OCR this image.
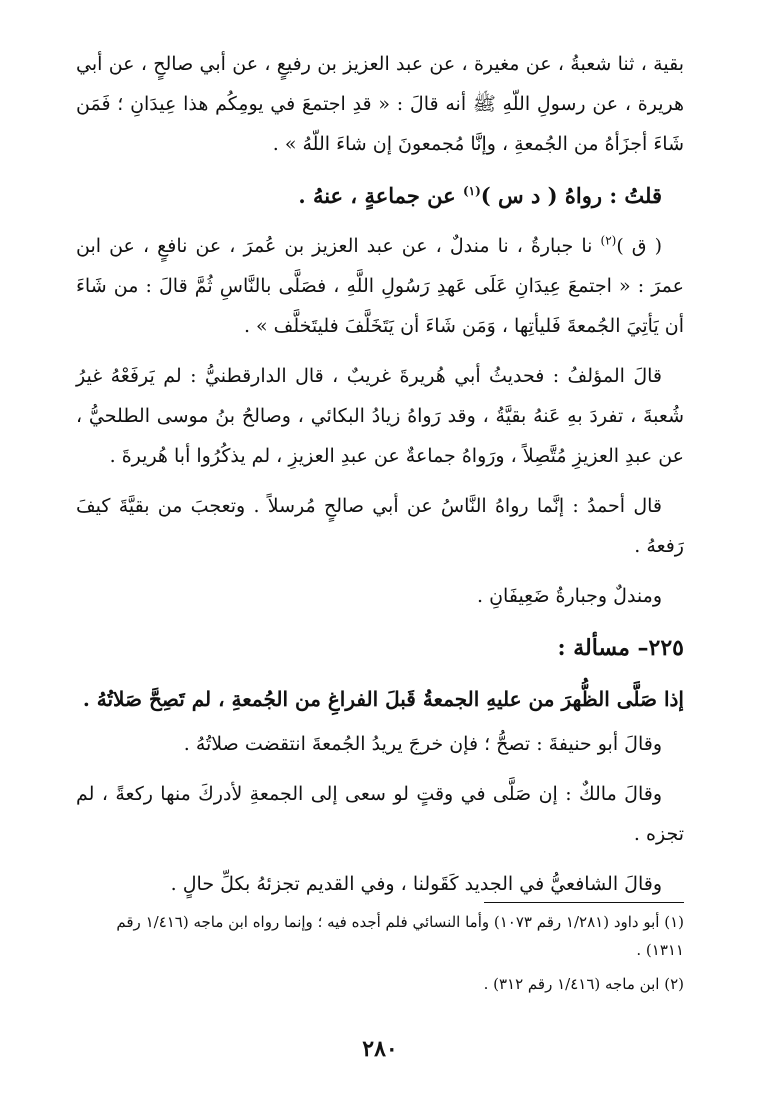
بقية ، ثنا شعبةُ ، عن مغيرة ، عن عبد العزيز بن رفيعٍ ، عن أبي صالحٍ ، عن أبي هريرة ، عن رسولِ اللّهِ ﷺ أنه قالَ : « قدِ اجتمعَ في يومِكُم هذا عِيدَانِ ؛ فَمَن شَاءَ أجزَأهُ من الجُمعةِ ، وإنَّا مُجمعونَ إن شاءَ اللّهُ » .

قلتُ : رواهُ ( د س )$^{(١)}$ عن جماعةٍ ، عنهُ .

( ق )$^{(٢)}$ نا جبارةُ ، نا مندلٌ ، عن عبد العزيز بن عُمرَ ، عن نافعٍ ، عن ابن عمرَ : « اجتمعَ عِيدَانِ عَلَى عَهدِ رَسُولِ اللَّهِ ، فصَلَّى بالنَّاسِ ثُمَّ قالَ : من شَاءَ أن يَأتِيَ الجُمعةَ فَليأتِها ، وَمَن شَاءَ أن يَتَخَلَّفَ فليتَخلَّف » .

قالَ المؤلفُ : فحديثُ أبي هُريرةَ غريبٌ ، قال الدارقطنيُّ : لم يَرفَعْهُ غيرُ شُعبةَ ، تفردَ بهِ عَنهُ بقيَّةُ ، وقد رَواهُ زيادُ البكائي ، وصالحُ بنُ موسى الطلحيُّ ، عن عبدِ العزيزِ مُتَّصِلاً ، ورَواهُ جماعةٌ عن عبدِ العزيزِ ، لم يذكُرُوا أبا هُريرةَ .

قال أحمدُ : إنَّما رواهُ النَّاسُ عن أبي صالحٍ مُرسلاً . وتعجبَ من بقيَّةَ كيفَ رَفعهُ .

ومندلٌ وجبارةُ ضَعِيفَانِ .

٢٢٥– مسألة :

إذا صَلَّى الظُّهرَ من عليهِ الجمعةُ قَبلَ الفراغِ من الجُمعةِ ، لم تَصِحَّ صَلاتُهُ .

وقالَ أبو حنيفةَ : تصحُّ ؛ فإن خرجَ يريدُ الجُمعةَ انتقضت صلاتُهُ .

وقالَ مالكٌ : إن صَلَّى في وقتٍ لو سعى إلى الجمعةِ لأدركَ منها ركعةً ، لم تجزه .

وقالَ الشافعيُّ في الجديد كَقَولنا ، وفي القديم تجزئهُ بكلِّ حالٍ .

(١) أبو داود (١/٢٨١ رقم ١٠٧٣) وأما النسائي فلم أجده فيه ؛ وإنما رواه ابن ماجه (١/٤١٦ رقم ١٣١١) .

(٢) ابن ماجه (١/٤١٦ رقم ٣١٢) .

٢٨٠
